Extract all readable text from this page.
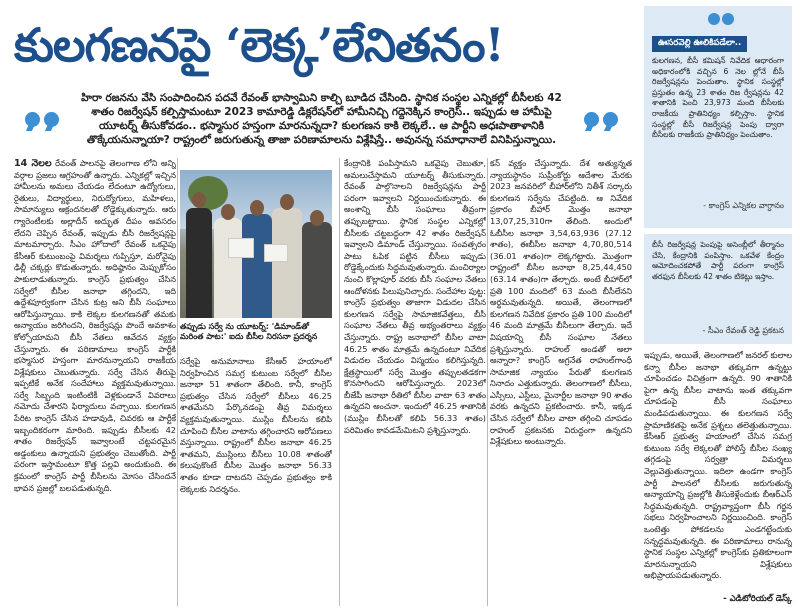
కులగణనపై ‘లెక్క’లేనితనం!
హిరా రజనను వేసి సంపాదించిన పదవే రేవంత్ భాస్వామిని కాల్చి బూడిద చేసింది. స్థానిక సంస్థల ఎన్నికల్లో బీసీలకు 42 శాతం రిజర్వేషన్ కల్పిస్తామంటూ 2023 కామారెడ్డి డిక్లరేషన్‌లో హామీనిచ్చి గద్దెనెక్కిన కాంగ్రెస్.. ఇప్పుడు ఆ హామీపై యూటర్న్ తీసుకోవడం.. భస్మాసుర హస్తంగా మారనున్నదా? కులగణన కాకి లెక్కలే.. ఆ పార్టీని అధఃపాతాళానికి తొక్కేయనున్నాయా? రాష్ట్రంలో జరుగుతున్న తాజా పరిణామాలను విశ్లేషిస్తే.. అవునన్న సమాధానాలే వినిపిస్తున్నాయి.
14 నెలల రేవంత్ పాలనపై తెలంగాణ లోని అన్ని వర్గాల ప్రజలు ఆగ్రహంతో ఉన్నారు. ఎన్నికల్లో ఇచ్చిన హామీలను అమలు చేయడం లేదంటూ ఉద్యోగులు, రైతులు, విద్యార్థులు, నిరుద్యోగులు, మహిళలు, సామాన్యులు ఆక్రందనలతో రోడ్డెక్కుతున్నారు. ఆరు గ్యారెంటీలకు అల్లాదీన్ అద్భుత దీపం అవసరం లేదని చెప్పిన రేవంత్, ఇప్పుడు బీసీ రిజర్వేషన్లపై మాటమార్చారు. సీఎం హోదాలో రేవంత్ ఒకవైపు కేసీఆర్ కుటుంబంపై విమర్శలు గుప్పిస్తూ, మరోవైపు ఢిల్లీ చక్కర్లు కొడుతున్నారు. అధిష్ఠానం మెప్పుకోసం పాకులాడుతున్నారు. కాంగ్రెస్ ప్రభుత్వం చేసిన సర్వేలో బీసీల జనాభా తగ్గిందని, ఇది ఉద్దేశపూర్వకంగా చేసిన కుట్ర అని బీసీ సంఘాలు ఆరోపిస్తున్నాయి. కాకి లెక్కల కులగణనతో తమకు అన్యాయం జరిగిందని, రిజర్వేషన్లు పొందే అవకాశం కోల్పోయామని బీసీ నేతలు ఆవేదన వ్యక్తం చేస్తున్నారు. ఈ పరిణామాలు కాంగ్రెస్ పార్టీకి భస్మాసుర హస్తంగా మారనున్నాయని రాజకీయ విశ్లేషకులు చెబుతున్నారు. సర్వే చేసిన తీరుపై ఇప్పటికే అనేక సందేహాలు వ్యక్తమవుతున్నాయి. సర్వే సిబ్బంది ఇంటింటికీ వెళ్లకుండానే వివరాలు నమోదు చేశారని ఫిర్యాదులు వచ్చాయి. కులగణన పేరిట కాంగ్రెస్ చేసిన హడావుడి, చివరకు ఆ పార్టీకే ఇబ్బందికరంగా మారింది. ఇప్పుడు బీసీలకు 42 శాతం రిజర్వేషన్ ఇవ్వాలంటే చట్టపరమైన అడ్డంకులు ఉన్నాయని ప్రభుత్వం చెబుతోంది. పార్టీ పరంగా ఇస్తామంటూ కొత్త పల్లవి అందుకుంది. ఈ క్రమంలో కాంగ్రెస్ పార్టీ బీసీలను మోసం చేసిందనే భావన ప్రజల్లో బలపడుతున్నది.
తప్పుడు సర్వే ను యూటర్న్: 'డిమాండ్‌తో మరింత పాట:' ఐదు బీసీల నిరసనా ప్రదర్శన
సర్వేపై అనుమానాలు కేసీఆర్ హయాంలో నిర్వహించిన సమగ్ర కుటుంబ సర్వేలో బీసీల జనాభా 51 శాతంగా తేలింది. కానీ, కాంగ్రెస్ ప్రభుత్వం చేసిన సర్వేలో బీసీలు 46.25 శాతమేనని పేర్కొనడంపై తీవ్ర విమర్శలు వ్యక్తమవుతున్నాయి. ముస్లిం బీసీలను కలిపి చూపించి బీసీల వాటాను తగ్గించారని ఆరోపణలు వస్తున్నాయి. రాష్ట్రంలో బీసీల జనాభా 46.25 శాతమని, ముస్లింలు బీసీలు 10.08 శాతంతో కలుపుకొంటే బీసీల మొత్తం జనాభా 56.33 శాతం కూడా దాటదని చెప్పడం ప్రభుత్వం కాకి లెక్కలకు నిదర్శనం.
కేంద్రానికి పంపిస్తామని ఒకవైపు చెబుతూ, అమలుచేస్తామని యూటర్న్ తీసుకున్నారు. రేవంత్ పాల్గొనాలని రిజర్వేషన్లను పార్టీ పరంగా ఇవ్వాలని నిర్ణయించుకున్నారు. ఈ అంశాన్ని బీసీ సంఘాలు తీవ్రంగా తప్పుబట్టాయి. స్థానిక సంస్థల ఎన్నికల్లో బీసీలకు చట్టబద్ధంగా 42 శాతం రిజర్వేషన్ ఇవ్వాలని డిమాండ్ చేస్తున్నాయి. సంవత్సరం పాటు ఓపిక పట్టిన బీసీలు ఇప్పుడు రోడ్డెక్కేందుకు సిద్ధమవుతున్నారు. మంచిర్యాల నుంచి కొల్లాపూర్ వరకు బీసీ సంఘాల నేతలు ఆందోళనకు పిలుపునిచ్చారు. సందేహాల పుట్ట: కాంగ్రెస్ ప్రభుత్వం తాజాగా విడుదల చేసిన కులగణన సర్వేపై సామాజికవేత్తలు, బీసీ సంఘాల నేతలు తీవ్ర అభ్యంతరాలు వ్యక్తం చేస్తున్నారు. రాష్ట్ర జనాభాలో బీసీల వాటా 46.25 శాతం మాత్రమే ఉన్నదంటూ నివేదిక విడుదల చేయడం విస్మయం కలిగిస్తున్నది. క్షేత్రస్థాయిలో సర్వే మొత్తం తప్పులతడకగా కొనసాగిందని ఆరోపిస్తున్నారు. 2023లో బీజేపీ జనాభా రీతిలో బీసీల వాటా 63 శాతం ఉన్నదని అంచనా. ఇందులో 46.25 శాతానికి (ముస్లిం బీసీలతో కలిపి 56.33 శాతం) పరిమితం కావడమేమిటని ప్రశ్నిస్తున్నారు.
కన్ వ్యక్తం చేస్తున్నారు. దేశ అత్యున్నత న్యాయస్థానం సుప్రీంకోర్టు ఆదేశాల మేరకు 2023 జనవరిలో బీహార్‌లోని నితీశ్ సర్కారు కులగణన సర్వేను చేపట్టింది. ఆ నివేదిక ప్రకారం బీహార్ మొత్తం జనాభా 13,07,25,310గా తేలింది. అందులో ఓబీసీల జనాభా 3,54,63,936 (27.12 శాతం), ఈబీసీల జనాభా 4,70,80,514 (36.01 శాతం)గా లెక్కగట్టారు. మొత్తంగా రాష్ట్రంలో బీసీల జనాభా 8,25,44,450 (63.14 శాతం)గా తేల్చారు. అంటే బీహార్‌లో ప్రతి 100 మందిలో 63 మంది బీసీలేనని అర్థమవుతున్నది. అయితే, తెలంగాణలో కులగణన నివేదిక ప్రకారం ప్రతి 100 మందిలో 46 మంది మాత్రమే బీసీలుగా తేల్చారు. ఇదే విషయాన్ని బీసీ సంఘాల నేతలు ప్రశ్నిస్తున్నారు. రాహుల్ అండతో అలా అన్నారా? కాంగ్రెస్ అగ్రనేత రాహుల్‌గాంధీ సామాజిక న్యాయం పేరుతో కులగణన నినాదం ఎత్తుకున్నారు. తెలంగాణలో బీసీలు, ఎస్సీలు, ఎస్టీలు, మైనార్టీల జనాభా 90 శాతం వరకు ఉన్నదని ప్రకటించారు. కానీ, ఇక్కడ చేసిన సర్వేలో బీసీల వాటా తగ్గించి చూపడం రాహుల్ ప్రకటనకు విరుద్ధంగా ఉన్నదని విశ్లేషకులు అంటున్నారు.
ఊసరవెల్లి ఊలికిపడేలా..
కులగణన, బీసీ కమిషన్ నివేదిక ఆధారంగా అధికారంలోకి వచ్చిన 6 నెల ల్లోనే బీసీ రిజర్వేషన్లను పెంచుతాం. స్థానిక సంస్థల్లో ప్రస్తుతం ఉన్న 23 శాతం రిజ ర్వేషన్లను 42 శాతానికి పెంచి 23,973 మంది బీసీలకు రాజకీయ ప్రాతినిధ్యం కల్పిస్తాం. స్థానిక సంస్థల్లో బీసీ రిజర్వేషన్ల పెంపు ద్వారా బీసీలకు రాజకీయ ప్రాతినిధ్యం పెంచుతాం.
- కాంగ్రెస్ ఎన్నికల వాగ్దానం
బీసీ రిజర్వేషన్ల పెంపుపై అసెంబ్లీలో తీర్మానం చేసి, కేంద్రానికి పంపిస్తాం. ఒకవేళ కేంద్రం ఆమోదించకపోతే పార్టీ పరంగా కాంగ్రెస్ తరఫున బీసీలకు 42 శాతం టికెట్లు ఇస్తాం.
- సీఎం రేవంత్ రెడ్డి ప్రకటన
ఇప్పుడు, అయితే, తెలంగాణలో జనరల్ కులాల కన్నా బీసీల జనాభా తక్కువగా ఉన్నట్టు చూపించడం విచిత్రంగా ఉన్నది. 90 శాతానికి పైగా ఉన్న బీసీల వాటాను ఇంత తక్కువగా చూపడంపై బీసీ సంఘాలు మండిపడుతున్నాయి. ఈ కులగణన సర్వే ప్రామాణికతపై అనేక ప్రశ్నలు తలెత్తుతున్నాయి. కేసీఆర్ ప్రభుత్వ హయాంలో చేసిన సమగ్ర కుటుంబ సర్వే లెక్కలతో పోలిస్తే బీసీల సంఖ్య తగ్గడంపై సర్వత్రా విమర్శలు వెల్లువెత్తుతున్నాయి. ఇదిలా ఉండగా కాంగ్రెస్ పార్టీ పాలనలో బీసీలకు జరుగుతున్న అన్యాయాన్ని ప్రజల్లోకి తీసుకెళ్లేందుకు బీఆర్‌ఎస్ సిద్ధమవుతున్నది. రాష్ట్రవ్యాప్తంగా బీసీ గర్జన సభలు నిర్వహించాలని నిర్ణయించింది. కాంగ్రెస్ ఒంటెత్తు పోకడలను ఎండగట్టేందుకు సన్నద్ధమవుతున్నది. ఈ పరిణామాలు రానున్న స్థానిక సంస్థల ఎన్నికల్లో కాంగ్రెస్‌కు ప్రతికూలంగా మారనున్నాయని విశ్లేషకులు అభిప్రాయపడుతున్నారు.
- ఎడిటోరియల్ డెస్క్
